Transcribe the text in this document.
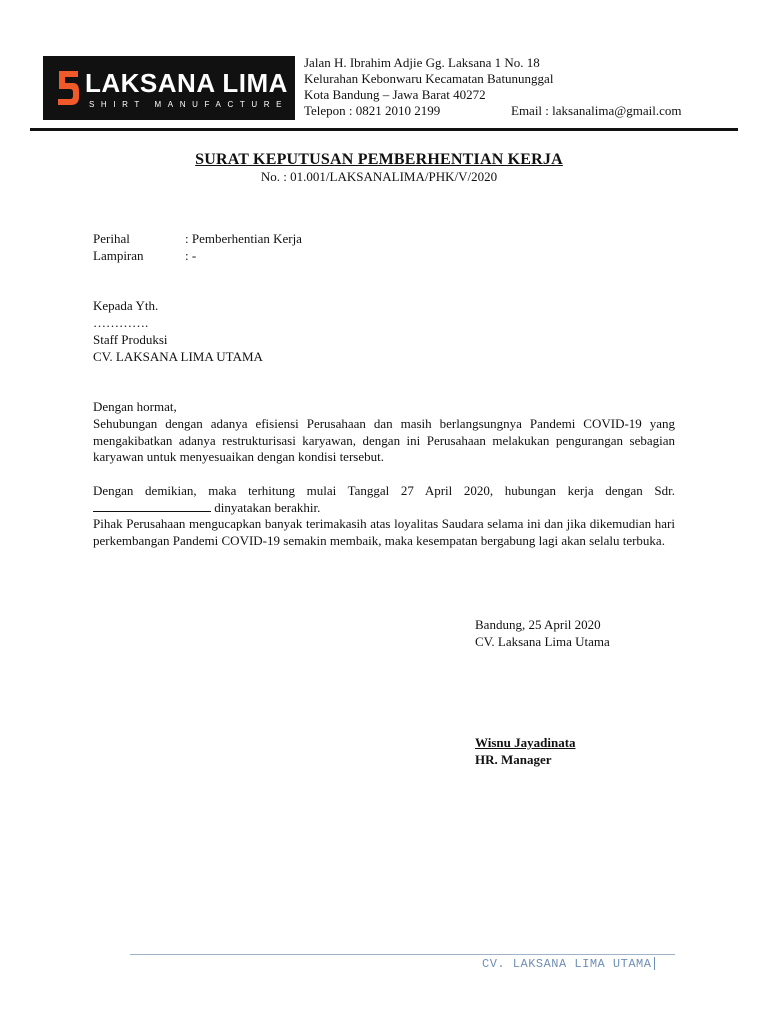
LAKSANA LIMA
SHIRT MANUFACTURE
Jalan H. Ibrahim Adjie Gg. Laksana 1 No. 18
Kelurahan Kebonwaru Kecamatan Batununggal
Kota Bandung – Jawa Barat 40272
Telepon : 0821 2010 2199	Email : laksanalima@gmail.com
SURAT KEPUTUSAN PEMBERHENTIAN KERJA
No. : 01.001/LAKSANALIMA/PHK/V/2020
Perihal	: Pemberhentian Kerja
Lampiran	: -
Kepada Yth.
………….
Staff Produksi
CV. LAKSANA LIMA UTAMA
Dengan hormat,
Sehubungan dengan adanya efisiensi Perusahaan dan masih berlangsungnya Pandemi COVID-19 yang mengakibatkan adanya restrukturisasi karyawan, dengan ini Perusahaan melakukan pengurangan sebagian karyawan untuk menyesuaikan dengan kondisi tersebut.
Dengan demikian, maka terhitung mulai Tanggal 27 April 2020, hubungan kerja dengan Sdr. dinyatakan berakhir.
Pihak Perusahaan mengucapkan banyak terimakasih atas loyalitas Saudara selama ini dan jika dikemudian hari perkembangan Pandemi COVID-19 semakin membaik, maka kesempatan bergabung lagi akan selalu terbuka.
Bandung, 25 April 2020
CV. Laksana Lima Utama
Wisnu Jayadinata
HR. Manager
CV. LAKSANA LIMA UTAMA
